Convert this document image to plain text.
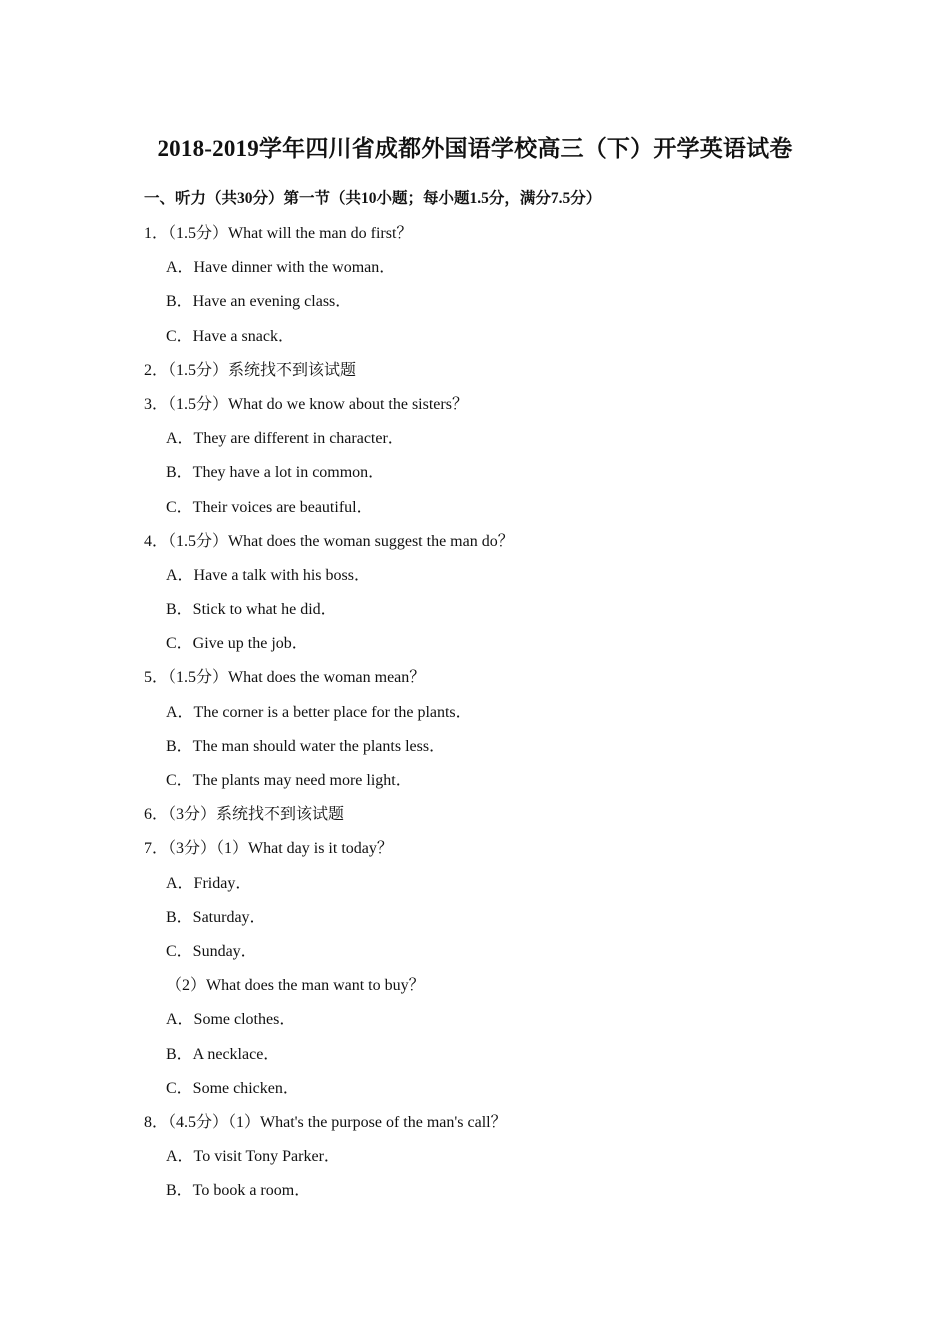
2018-2019学年四川省成都外国语学校高三（下）开学英语试卷
一、听力（共30分）第一节（共10小题；每小题1.5分，满分7.5分）
1．（1.5分）What will the man do first？
A．Have dinner with the woman．
B．Have an evening class．
C．Have a snack．
2．（1.5分）系统找不到该试题
3．（1.5分）What do we know about the sisters？
A．They are different in character．
B．They have a lot in common．
C．Their voices are beautiful．
4．（1.5分）What does the woman suggest the man do？
A．Have a talk with his boss．
B．Stick to what he did．
C．Give up the job．
5．（1.5分）What does the woman mean？
A．The corner is a better place for the plants．
B．The man should water the plants less．
C．The plants may need more light．
6．（3分）系统找不到该试题
7．（3分）（1）What day is it today？
A．Friday．
B．Saturday．
C．Sunday．
（2）What does the man want to buy？
A．Some clothes．
B．A necklace．
C．Some chicken．
8．（4.5分）（1）What's the purpose of the man's call？
A．To visit Tony Parker．
B．To book a room．
